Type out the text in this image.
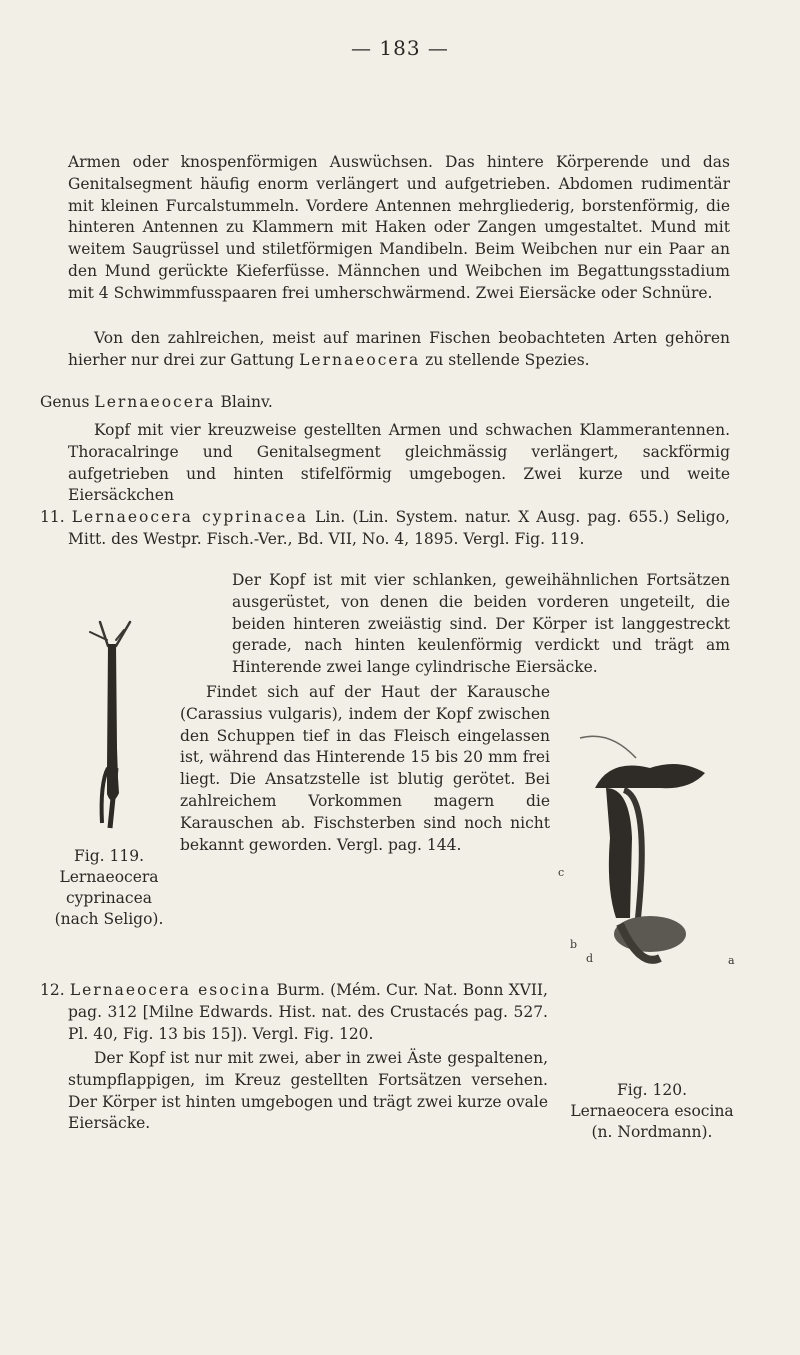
— 183 —

Armen oder knospenförmigen Auswüchsen. Das hintere Körperende und das Genitalsegment häufig enorm verlängert und aufgetrieben. Abdomen rudimentär mit kleinen Furcalstummeln. Vordere Antennen mehrgliederig, borstenförmig, die hinteren Antennen zu Klammern mit Haken oder Zangen umgestaltet. Mund mit weitem Saugrüssel und stiletförmigen Mandibeln. Beim Weibchen nur ein Paar an den Mund gerückte Kieferfüsse. Männchen und Weibchen im Begattungsstadium mit 4 Schwimmfusspaaren frei umherschwärmend. Zwei Eiersäcke oder Schnüre.

Von den zahlreichen, meist auf marinen Fischen beobachteten Arten gehören hierher nur drei zur Gattung Lernaeocera zu stellende Spezies.

Genus Lernaeocera Blainv.

Kopf mit vier kreuzweise gestellten Armen und schwachen Klammerantennen. Thoracalringe und Genitalsegment gleichmässig verlängert, sackförmig aufgetrieben und hinten stifelförmig umgebogen. Zwei kurze und weite Eiersäckchen

11. Lernaeocera cyprinacea Lin. (Lin. System. natur. X Ausg. pag. 655.) Seligo, Mitt. des Westpr. Fisch.-Ver., Bd. VII, No. 4, 1895. Vergl. Fig. 119.

Der Kopf ist mit vier schlanken, geweihähnlichen Fortsätzen ausgerüstet, von denen die beiden vorderen ungeteilt, die beiden hinteren zweiästig sind. Der Körper ist langgestreckt gerade, nach hinten keulenförmig verdickt und trägt am Hinterende zwei lange cylindrische Eiersäcke.

Findet sich auf der Haut der Karausche (Carassius vulgaris), indem der Kopf zwischen den Schuppen tief in das Fleisch eingelassen ist, während das Hinterende 15 bis 20 mm frei liegt. Die Ansatzstelle ist blutig gerötet. Bei zahlreichem Vorkommen magern die Karauschen ab. Fischsterben sind noch nicht bekannt geworden. Vergl. pag. 144.

Fig. 119.
Lernaeocera
cyprinacea
(nach Seligo).
c
b
d	a

12. Lernaeocera esocina Burm. (Mém. Cur. Nat. Bonn XVII, pag. 312 [Milne Edwards. Hist. nat. des Crustacés pag. 527. Pl. 40, Fig. 13 bis 15]). Vergl. Fig. 120.

Der Kopf ist nur mit zwei, aber in zwei Äste gespaltenen, stumpflappigen, im Kreuz gestellten Fortsätzen versehen. Der Körper ist hinten umgebogen und trägt zwei kurze ovale Eiersäcke.

Fig. 120.
Lernaeocera esocina
(n. Nordmann).
